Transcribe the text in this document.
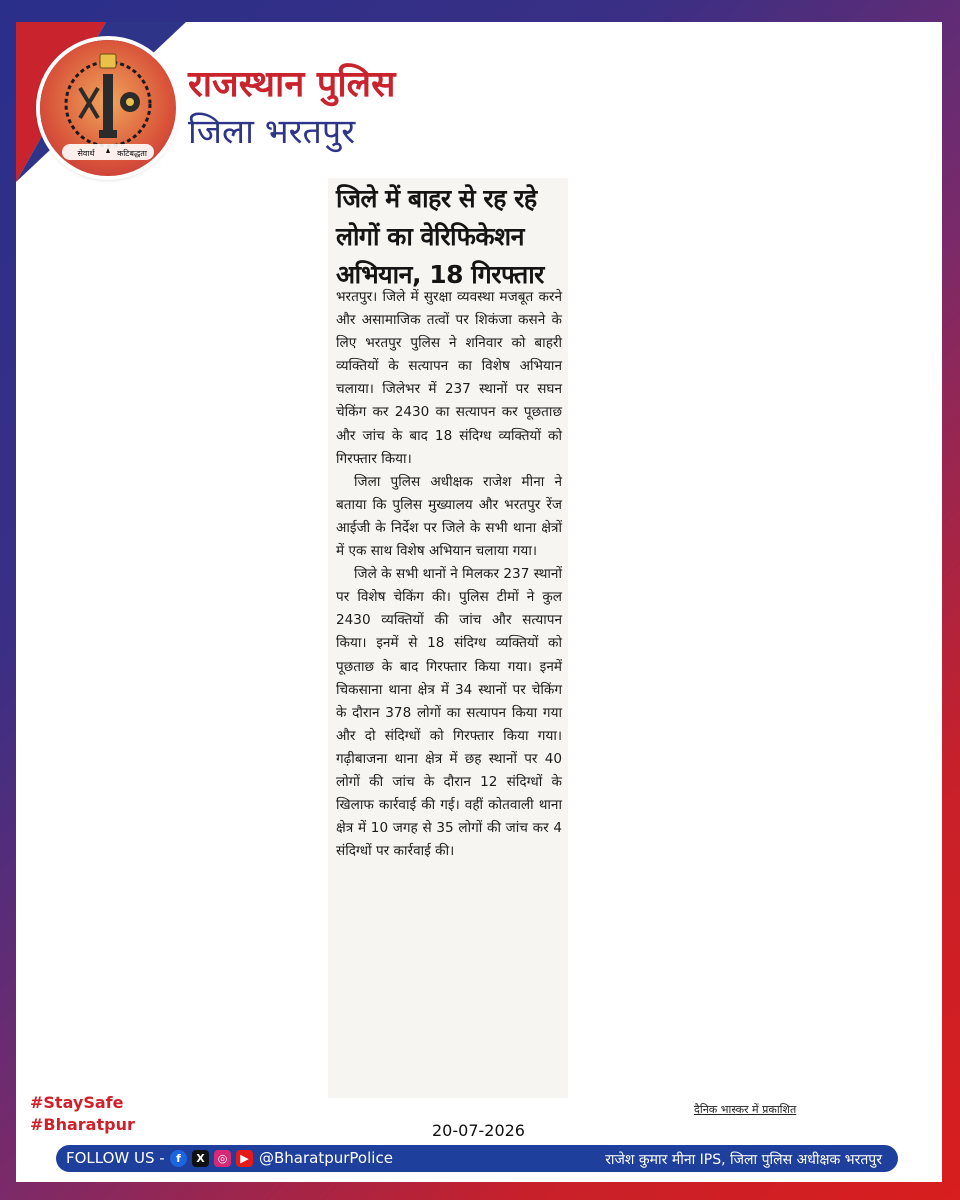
सेवार्थ	कटिबद्धता
राजस्थान पुलिस
जिला भरतपुर
जिले में बाहर से रह रहे लोगों का वेरिफिकेशन अभियान, 18 गिरफ्तार

भरतपुर। जिले में सुरक्षा व्यवस्था मजबूत करने और असामाजिक तत्वों पर शिकंजा कसने के लिए भरतपुर पुलिस ने शनिवार को बाहरी व्यक्तियों के सत्यापन का विशेष अभियान चलाया। जिलेभर में 237 स्थानों पर सघन चेकिंग कर 2430 का सत्यापन कर पूछताछ और जांच के बाद 18 संदिग्ध व्यक्तियों को गिरफ्तार किया।

जिला पुलिस अधीक्षक राजेश मीना ने बताया कि पुलिस मुख्यालय और भरतपुर रेंज आईजी के निर्देश पर जिले के सभी थाना क्षेत्रों में एक साथ विशेष अभियान चलाया गया।

जिले के सभी थानों ने मिलकर 237 स्थानों पर विशेष चेकिंग की। पुलिस टीमों ने कुल 2430 व्यक्तियों की जांच और सत्यापन किया। इनमें से 18 संदिग्ध व्यक्तियों को पूछताछ के बाद गिरफ्तार किया गया। इनमें चिकसाना थाना क्षेत्र में 34 स्थानों पर चेकिंग के दौरान 378 लोगों का सत्यापन किया गया और दो संदिग्धों को गिरफ्तार किया गया। गढ़ीबाजना थाना क्षेत्र में छह स्थानों पर 40 लोगों की जांच के दौरान 12 संदिग्धों के खिलाफ कार्रवाई की गई। वहीं कोतवाली थाना क्षेत्र में 10 जगह से 35 लोगों की जांच कर 4 संदिग्धों पर कार्रवाई की।

दैनिक भास्कर में प्रकाशित
20-07-2026
#StaySafe
#Bharatpur
FOLLOW US -	f	X	◎	▶ @BharatpurPolice	राजेश कुमार मीना IPS, जिला पुलिस अधीक्षक भरतपुर
